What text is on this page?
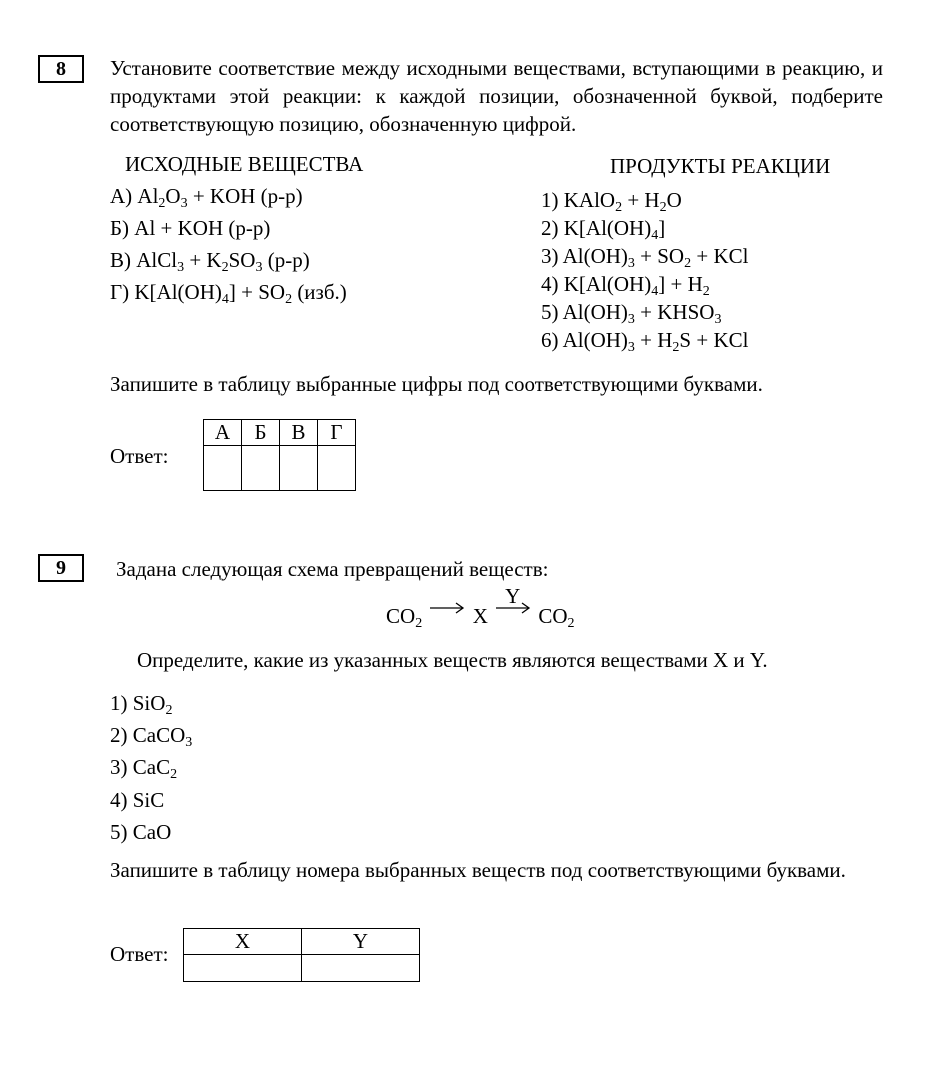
8	Установите соответствие между исходными веществами, вступающими в реакцию, и продуктами этой реакции: к каждой позиции, обозначенной буквой, подберите соответствующую позицию, обозначенную цифрой.
ИСХОДНЫЕ ВЕЩЕСТВА	ПРОДУКТЫ РЕАКЦИИ
А) $Al_2O_3$ + KOH (р-р)
Б) Al + KOH (р-р)
В) AlCl$_3$ + $K_2SO_3$ (р-р)
Г) $K[Al(OH)_4] + SO_2$ (изб.)
1) KAlO$_2$ + $H_2O$
2) $K[Al(OH)_4]$
3) $Al(OH)_3 + SO_2$ + KCl
4) $K[Al(OH)_4] + H_2$
5) $Al(OH)_3$ + $KHSO_3$
6) $Al(OH)_3 + H_2S$ + KCl
Запишите в таблицу выбранные цифры под соответствующими буквами.
Ответ:
А	Б	В	Г

9	Задана следующая схема превращений веществ:
$CO_2$ X
Y
$CO_2$
Определите, какие из указанных веществ являются веществами X и Y.
1) SiO$_2$
2) CaCO$_3$
3) CaC$_2$
4) SiC
5) CaO
Запишите в таблицу номера выбранных веществ под соответствующими буквами.
Ответ:
X	Y
